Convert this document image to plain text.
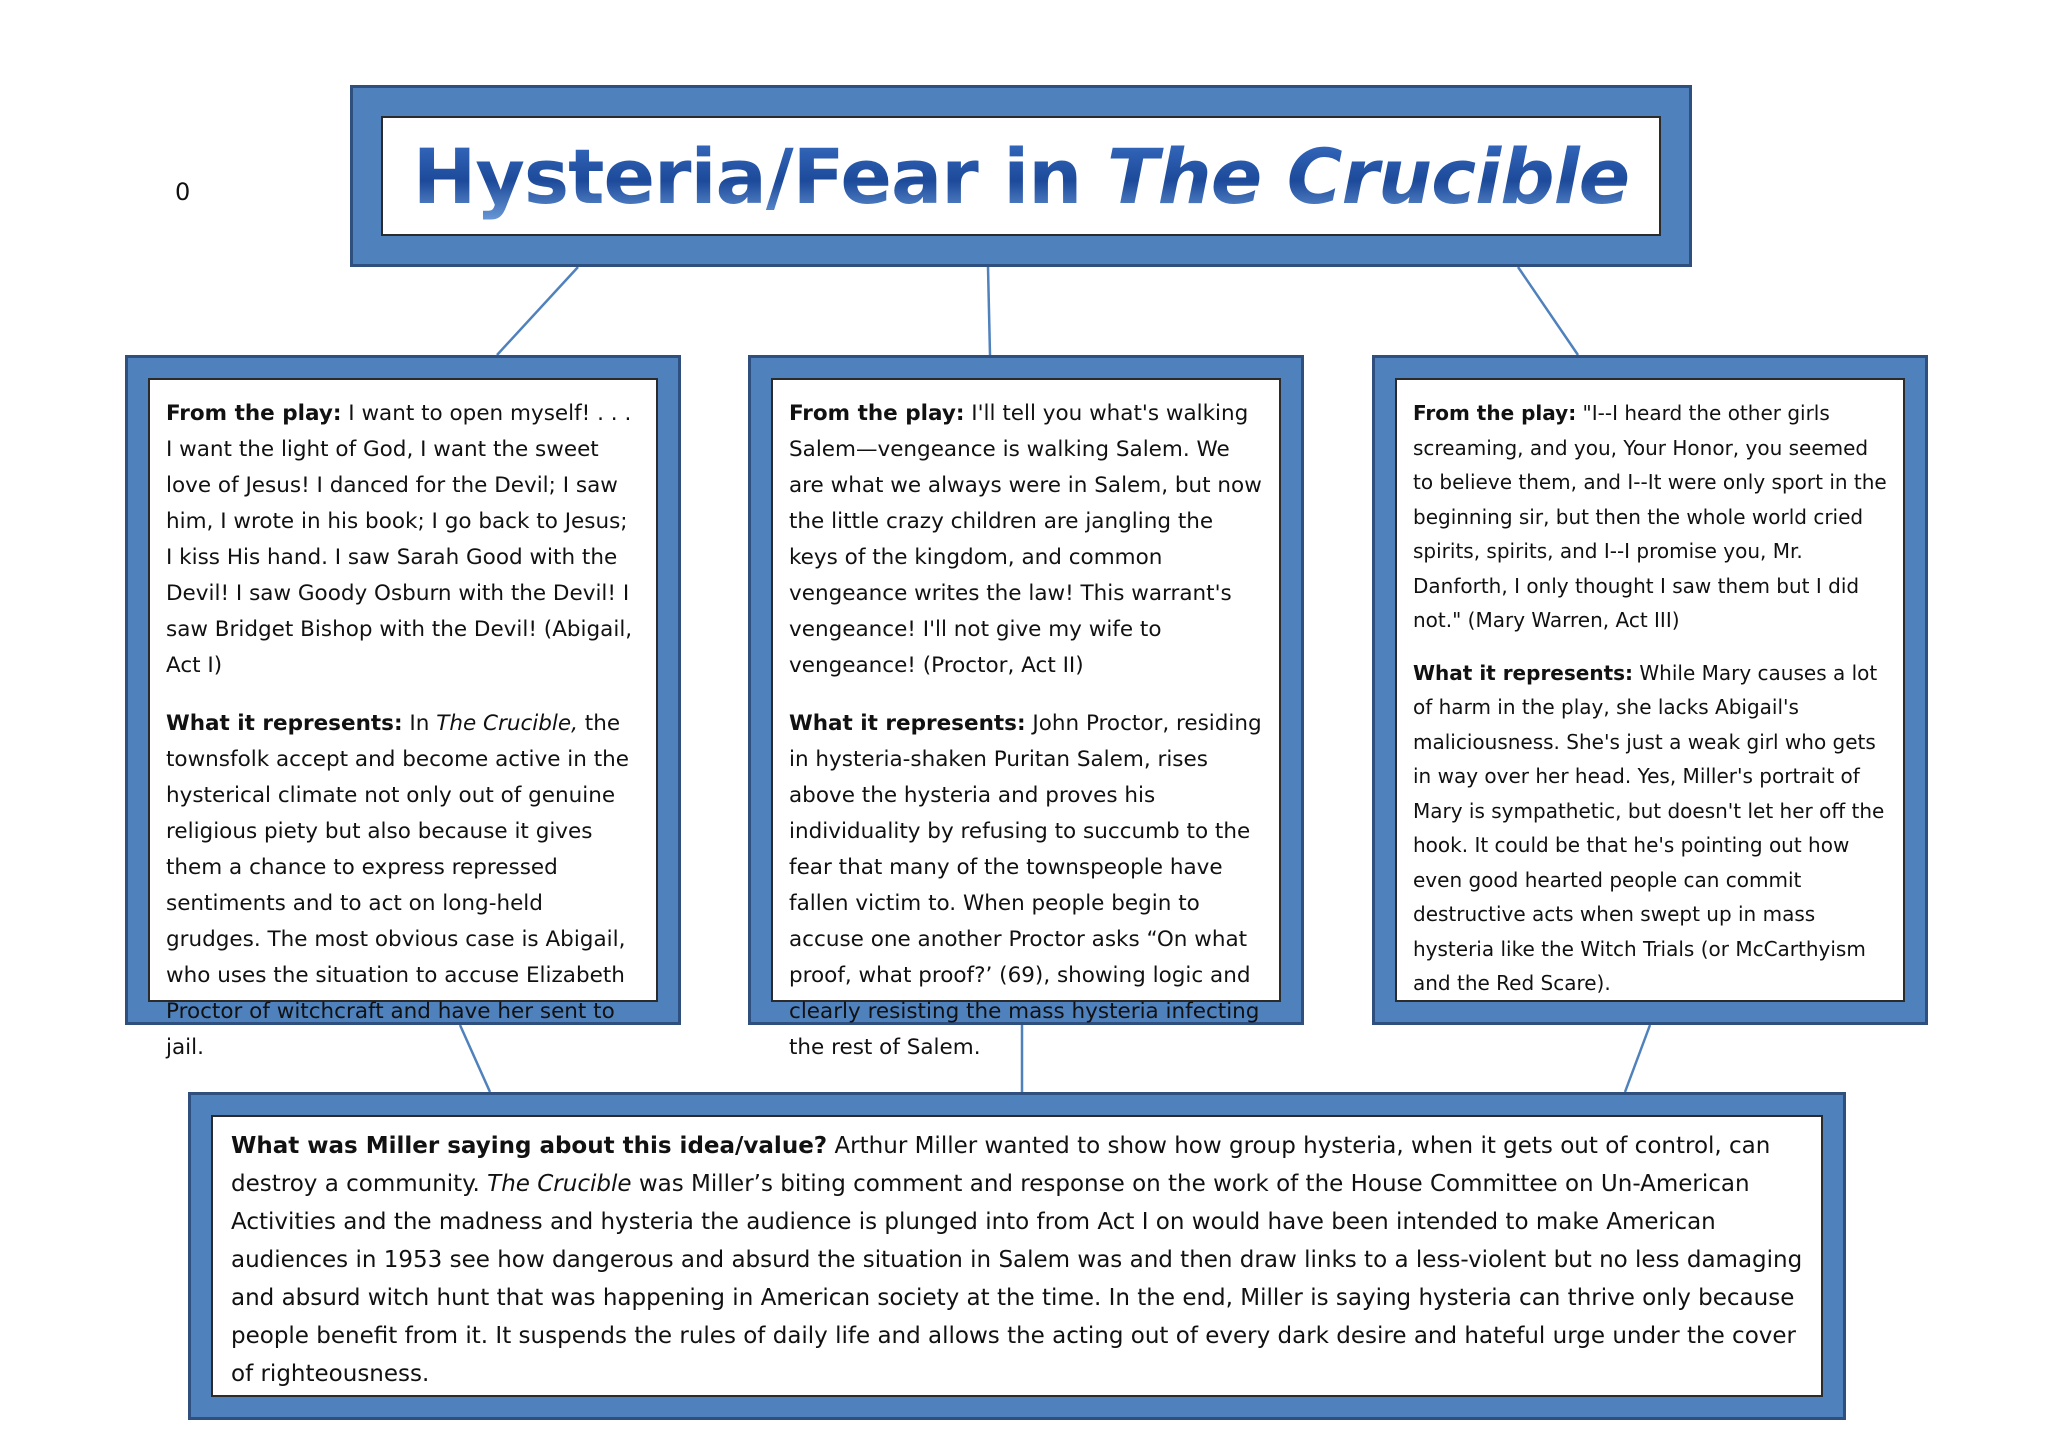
0	Hysteria/Fear in The Crucible

From the play: I want to open myself! . . . I want the light of God, I want the sweet love of Jesus! I danced for the Devil; I saw him, I wrote in his book; I go back to Jesus; I kiss His hand. I saw Sarah Good with the Devil! I saw Goody Osburn with the Devil! I saw Bridget Bishop with the Devil! (Abigail, Act I)

What it represents: In The Crucible, the townsfolk accept and become active in the hysterical climate not only out of genuine religious piety but also because it gives them a chance to express repressed sentiments and to act on long-held grudges. The most obvious case is Abigail, who uses the situation to accuse Elizabeth Proctor of witchcraft and have her sent to jail.

From the play: I'll tell you what's walking Salem—vengeance is walking Salem. We are what we always were in Salem, but now the little crazy children are jangling the keys of the kingdom, and common vengeance writes the law! This warrant's vengeance! I'll not give my wife to vengeance! (Proctor, Act II)

What it represents: John Proctor, residing in hysteria-shaken Puritan Salem, rises above the hysteria and proves his individuality by refusing to succumb to the fear that many of the townspeople have fallen victim to. When people begin to accuse one another Proctor asks “On what proof, what proof?’ (69), showing logic and clearly resisting the mass hysteria infecting the rest of Salem.

From the play: "I--I heard the other girls screaming, and you, Your Honor, you seemed to believe them, and I--It were only sport in the beginning sir, but then the whole world cried spirits, spirits, and I--I promise you, Mr. Danforth, I only thought I saw them but I did not." (Mary Warren, Act III)

What it represents: While Mary causes a lot of harm in the play, she lacks Abigail's maliciousness. She's just a weak girl who gets in way over her head. Yes, Miller's portrait of Mary is sympathetic, but doesn't let her off the hook. It could be that he's pointing out how even good hearted people can commit destructive acts when swept up in mass hysteria like the Witch Trials (or McCarthyism and the Red Scare).

What was Miller saying about this idea/value? Arthur Miller wanted to show how group hysteria, when it gets out of control, can destroy a community. The Crucible was Miller’s biting comment and response on the work of the House Committee on Un-American Activities and the madness and hysteria the audience is plunged into from Act I on would have been intended to make American audiences in 1953 see how dangerous and absurd the situation in Salem was and then draw links to a less-violent but no less damaging and absurd witch hunt that was happening in American society at the time. In the end, Miller is saying hysteria can thrive only because people benefit from it. It suspends the rules of daily life and allows the acting out of every dark desire and hateful urge under the cover of righteousness.
